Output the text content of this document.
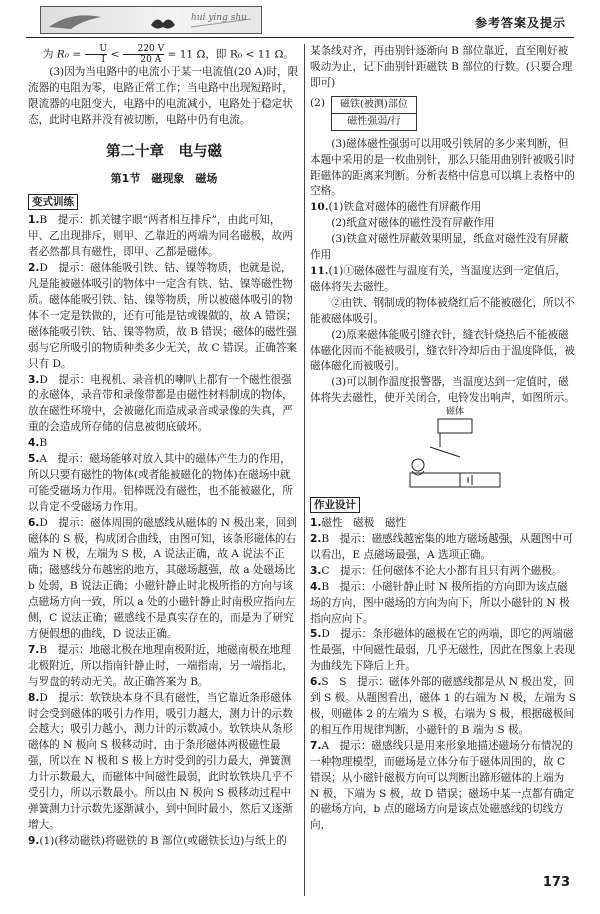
hui ying shu	参考答案及提示

为 $R_0 = \frac{U}{I} < \frac{220 V}{20 A} = 11$ Ω，即 R₀ < 11 Ω。

(3)因为当电路中的电流小于某一电流值(20 A)时，限流器的电阻为零，电路正常工作；当电路中出现短路时，限流器的电阻变大，电路中的电流减小，电路处于稳定状态，此时电路并没有被切断，电路中仍有电流。

第二十章　电与磁
第1节　磁现象　磁场
变式训练

1.B　提示：抓关键字眼“两者相互排斥”，由此可知，甲、乙出现排斥，则甲、乙靠近的两端为同名磁极，故两者必然都具有磁性，即甲、乙都是磁体。

2.D　提示：磁体能吸引铁、钴、镍等物质，也就是说，凡是能被磁体吸引的物体中一定含有铁、钴、镍等磁性物质。磁体能吸引铁、钴、镍等物质，所以被磁体吸引的物体不一定是铁做的，还有可能是钴或镍做的，故 A 错误；磁体能吸引铁、钴、镍等物质，故 B 错误；磁体的磁性强弱与它所吸引的物质种类多少无关，故 C 错误。正确答案只有 D。

3.D　提示：电视机、录音机的喇叭上都有一个磁性很强的永磁体，录音带和录像带都是由磁性材料制成的物体，放在磁性环境中，会被磁化而造成录音或录像的失真，严重的会造成所存储的信息被彻底破坏。

4.B

5.A　提示：磁场能够对放入其中的磁体产生力的作用，所以只要有磁性的物体(或者能被磁化的物体)在磁场中就可能受磁场力作用。铝棒既没有磁性，也不能被磁化，所以肯定不受磁场力作用。

6.D　提示：磁体周围的磁感线从磁体的 N 极出来，回到磁体的 S 极，构成闭合曲线，由图可知，该条形磁体的右端为 N 极，左端为 S 极，A 说法正确，故 A 说法不正确；磁感线分布越密的地方，其磁场越强，故 a 处磁场比 b 处弱，B 说法正确；小磁针静止时北极所指的方向与该点磁场方向一致，所以 a 处的小磁针静止时南极应指向左侧，C 说法正确；磁感线不是真实存在的，而是为了研究方便假想的曲线，D 说法正确。

7.B　提示：地磁北极在地理南极附近，地磁南极在地理北极附近，所以指南针静止时，一端指南，另一端指北，与罗盘的转动无关。故正确答案为 B。

8.D　提示：软铁块本身不具有磁性，当它靠近条形磁体时会受到磁体的吸引力作用，吸引力越大，测力计的示数会越大；吸引力越小，测力计的示数减小。软铁块从条形磁体的 N 极向 S 极移动时，由于条形磁体两极磁性最强，所以在 N 极和 S 极上方时受到的引力最大，弹簧测力计示数最大，而磁体中间磁性最弱，此时软铁块几乎不受引力，所以示数最小。所以由 N 极向 S 极移动过程中弹簧测力计示数先逐渐减小，到中间时最小，然后又逐渐增大。

9.(1)(移动磁铁)将磁铁的 B 部位(或磁铁长边)与纸上的

某条线对齐，再由别针逐渐向 B 部位靠近，直至刚好被吸动为止，记下曲别针距磁铁 B 部位的行数。(只要合理即可)

(2) 磁铁(被测)部位
磁性强弱/行

(3)磁体磁性强弱可以用吸引铁屑的多少来判断，但本题中采用的是一枚曲别针，那么只能用曲别针被吸引时距磁体的距离来判断。分析表格中信息可以填上表格中的空格。

10.(1)铁盒对磁体的磁性有屏蔽作用

(2)纸盒对磁体的磁性没有屏蔽作用

(3)铁盒对磁性屏蔽效果明显，纸盒对磁性没有屏蔽作用

11.(1)①磁体磁性与温度有关，当温度达到一定值后，磁体将失去磁性。

②由铁、钢制成的物体被烧红后不能被磁化，所以不能被磁体吸引。

(2)原来磁体能吸引缝衣针，缝衣针烧热后不能被磁体磁化因而不能被吸引，缝衣针冷却后由于温度降低，被磁体磁化而被吸引。

(3)可以制作温度报警器，当温度达到一定值时，磁体将失去磁性，使开关闭合，电铃发出响声，如图所示。

磁体
作业设计

1.磁性　磁极　磁性

2.B　提示：磁感线越密集的地方磁场越强，从题图中可以看出，E 点磁场最强，A 选项正确。

3.C　提示：任何磁体不论大小都有且只有两个磁极。

4.B　提示：小磁针静止时 N 极所指的方向即为该点磁场的方向，图中磁场的方向为向下，所以小磁针的 N 极指向应向下。

5.D　提示：条形磁体的磁极在它的两端，即它的两端磁性最强，中间磁性最弱，几乎无磁性，因此在图象上表现为曲线先下降后上升。

6.S　S　提示：磁体外部的磁感线都是从 N 极出发，回到 S 极。从题图看出，磁体 1 的右端为 N 极，左端为 S 极，则磁体 2 的左端为 S 极，右端为 S 极，根据磁极间的相互作用规律判断，小磁针的 B 端为 S 极。

7.A　提示：磁感线只是用来形象地描述磁场分布情况的一种物理模型，而磁场是立体分布于磁体周围的，故 C 错误；从小磁针磁极方向可以判断出蹄形磁体的上端为 N 极，下端为 S 极，故 D 错误；磁场中某一点都有确定的磁场方向，b 点的磁场方向是该点处磁感线的切线方向，

173
